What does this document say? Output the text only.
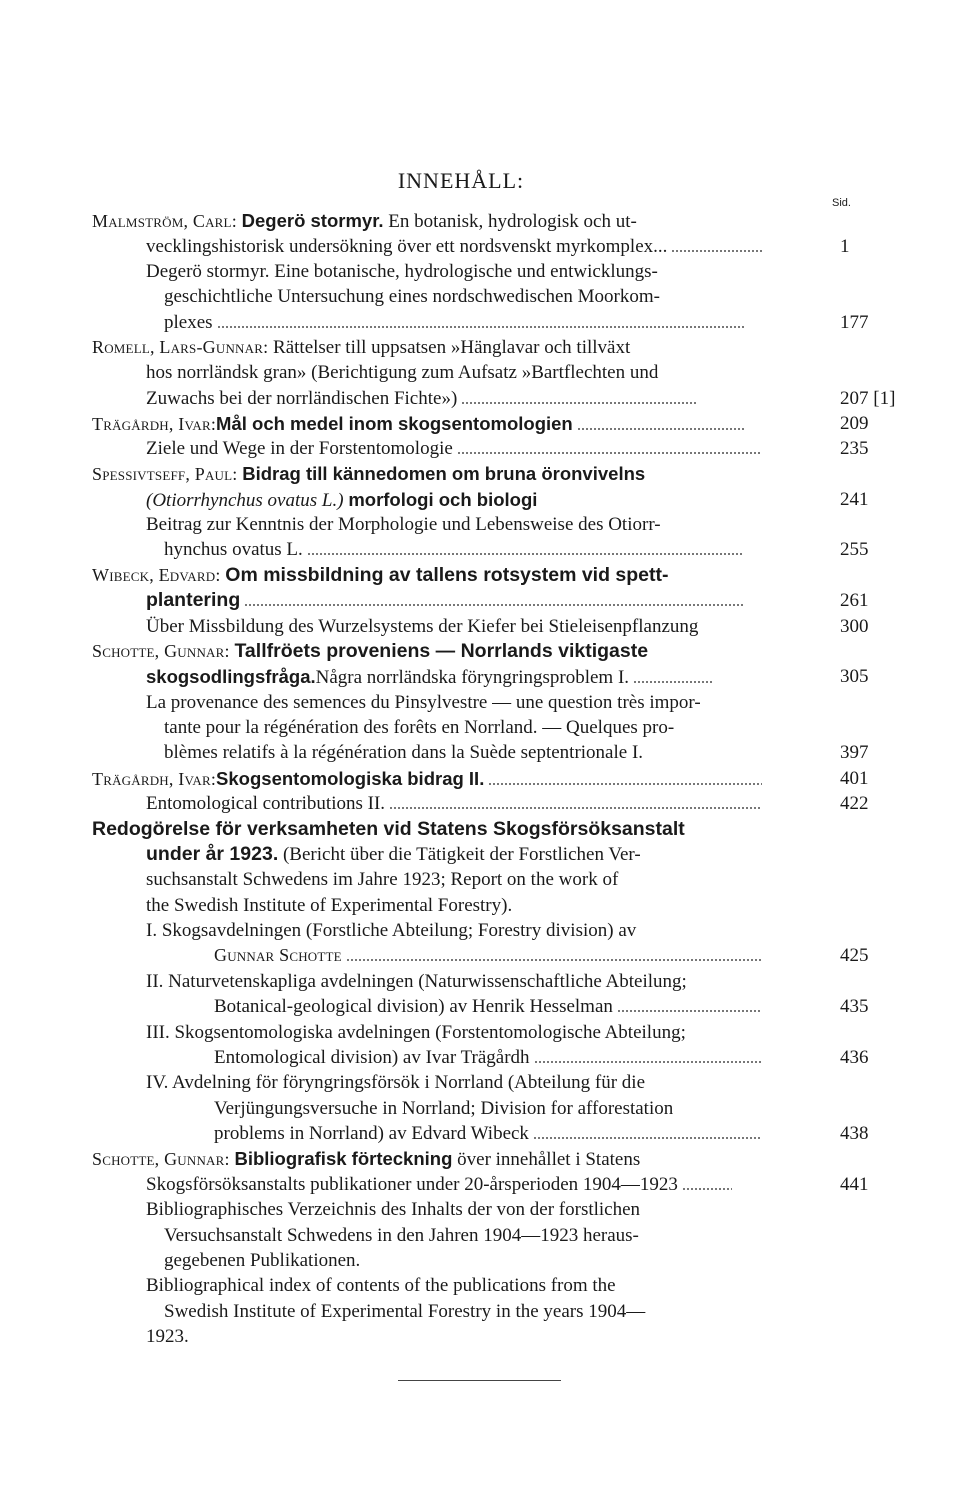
INNEHÅLL:
Sid.
Malmström, Carl: Degerö stormyr. En botanisk, hydrologisk och ut-
vecklingshistorisk undersökning över ett nordsvenskt myrkomplex...	1
Degerö stormyr. Eine botanische, hydrologische und entwicklungs-
geschichtliche Untersuchung eines nordschwedischen Moorkom-
plexes	177
Romell, Lars-Gunnar: Rättelser till uppsatsen »Hänglavar och tillväxt
hos norrländsk gran» (Berichtigung zum Aufsatz »Bartflechten und
Zuwachs bei der norrländischen Fichte»)	207 [1]
Trägårdh, Ivar: Mål och medel inom skogsentomologien	209
Ziele und Wege in der Forstentomologie	235
Spessivtseff, Paul: Bidrag till kännedomen om bruna öronvivelns
(Otiorrhynchus ovatus L.) morfologi och biologi	241
Beitrag zur Kenntnis der Morphologie und Lebensweise des Otiorr-
hynchus ovatus L.	255
Wibeck, Edvard: Om missbildning av tallens rotsystem vid spett-
plantering	261
Über Missbildung des Wurzelsystems der Kiefer bei Stieleisenpflanzung	300
Schotte, Gunnar: Tallfröets proveniens — Norrlands viktigaste
skogsodlingsfråga. Några norrländska föryngringsproblem I.	305
La provenance des semences du Pinsylvestre — une question très impor-
tante pour la régénération des forêts en Norrland. — Quelques pro-
blèmes relatifs à la régénération dans la Suède septentrionale I.	397
Trägårdh, Ivar: Skogsentomologiska bidrag II.	401
Entomological contributions II.	422
Redogörelse för verksamheten vid Statens Skogsförsöksanstalt
under år 1923. (Bericht über die Tätigkeit der Forstlichen Ver-
suchsanstalt Schwedens im Jahre 1923; Report on the work of
the Swedish Institute of Experimental Forestry).
I. Skogsavdelningen (Forstliche Abteilung; Forestry division) av
Gunnar Schotte	425
II. Naturvetenskapliga avdelningen (Naturwissenschaftliche Abteilung;
Botanical-geological division) av Henrik Hesselman	435
III. Skogsentomologiska avdelningen (Forstentomologische Abteilung;
Entomological division) av Ivar Trägårdh	436
IV. Avdelning för föryngringsförsök i Norrland (Abteilung für die
Verjüngungsversuche in Norrland; Division for afforestation
problems in Norrland) av Edvard Wibeck	438
Schotte, Gunnar: Bibliografisk förteckning över innehållet i Statens
Skogsförsöksanstalts publikationer under 20-årsperioden 1904—1923	441
Bibliographisches Verzeichnis des Inhalts der von der forstlichen
Versuchsanstalt Schwedens in den Jahren 1904—1923 heraus-
gegebenen Publikationen.
Bibliographical index of contents of the publications from the
Swedish Institute of Experimental Forestry in the years 1904—
1923.
